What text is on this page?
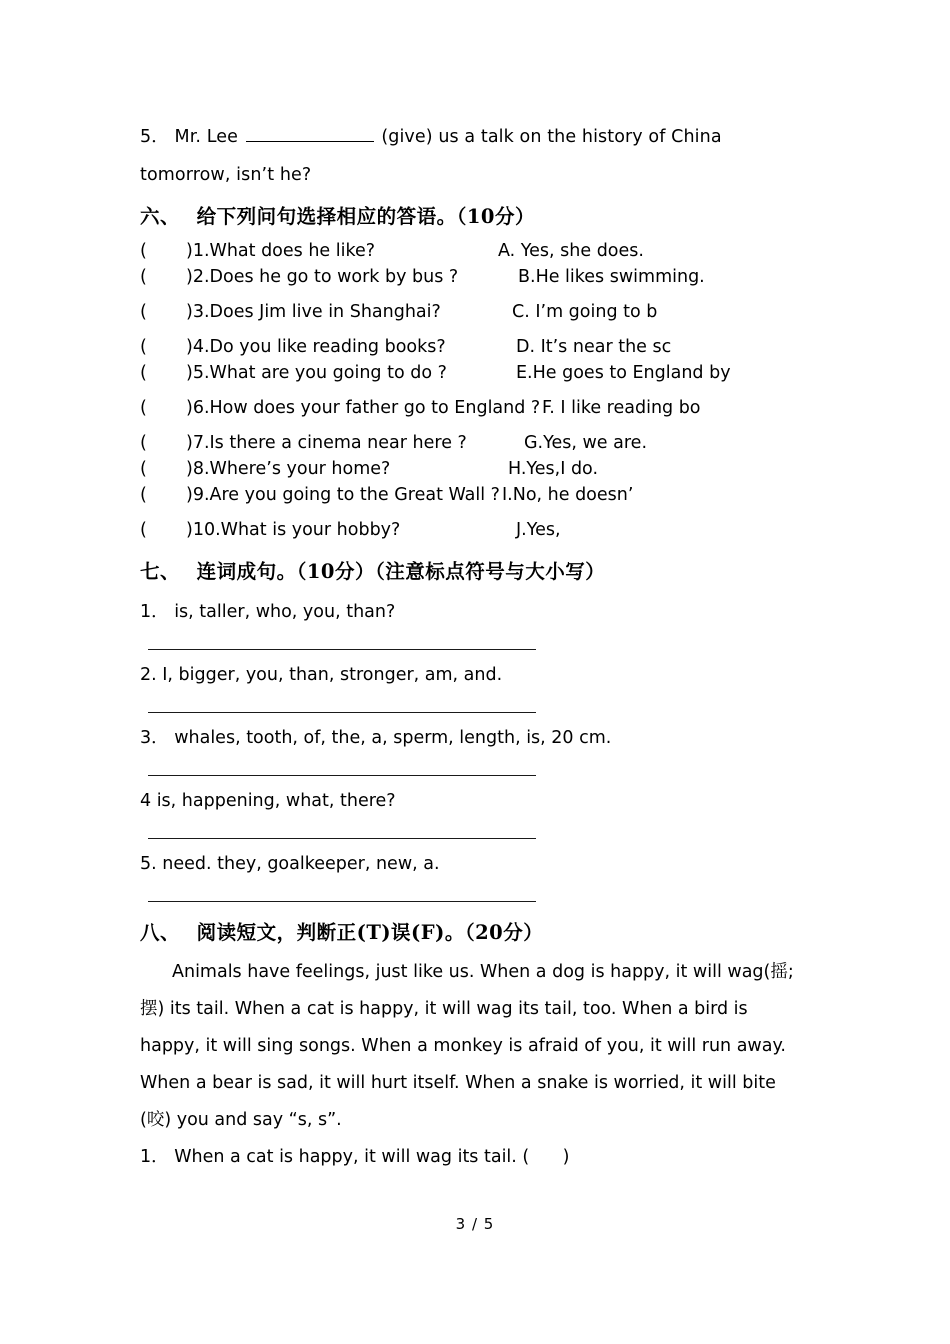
5． Mr. Lee	(give) us a talk on the history of China
tomorrow, isn’t he?
六、 给下列问句选择相应的答语。（10分）
( )1.What does he like?	A. Yes, she does.
( )2.Does he go to work by bus ?	B.He likes swimming.
( )3.Does Jim live in Shanghai?	C. I’m going to b
( )4.Do you like reading books?	D. It’s near the sc
( )5.What are you going to do ?	E.He goes to England by
( )6.How does your father go to England ? F. I like reading bo
( )7.Is there a cinema near here ?	G.Yes, we are.
( )8.Where’s your home?	H.Yes,I do.
( )9.Are you going to the Great Wall ? I.No, he doesn’
( )10.What is your hobby?	J.Yes,
七、 连词成句。（10分）（注意标点符号与大小写）
1． is, taller, who, you, than?
2. I, bigger, you, than, stronger, am, and.
3． whales, tooth, of, the, a, sperm, length, is, 20 cm.
4 is, happening, what, there?
5. need. they, goalkeeper, new, a.
八、 阅读短文，判断正(T)误(F)。（20分）
Animals have feelings, just like us. When a dog is happy, it will wag(摇; 摆) its tail. When a cat is happy, it will wag its tail, too. When a bird is happy, it will sing songs. When a monkey is afraid of you, it will run away. When a bear is sad, it will hurt itself. When a snake is worried, it will bite (咬) you and say “s, s”.
1． When a cat is happy, it will wag its tail. (      )
3 / 5
